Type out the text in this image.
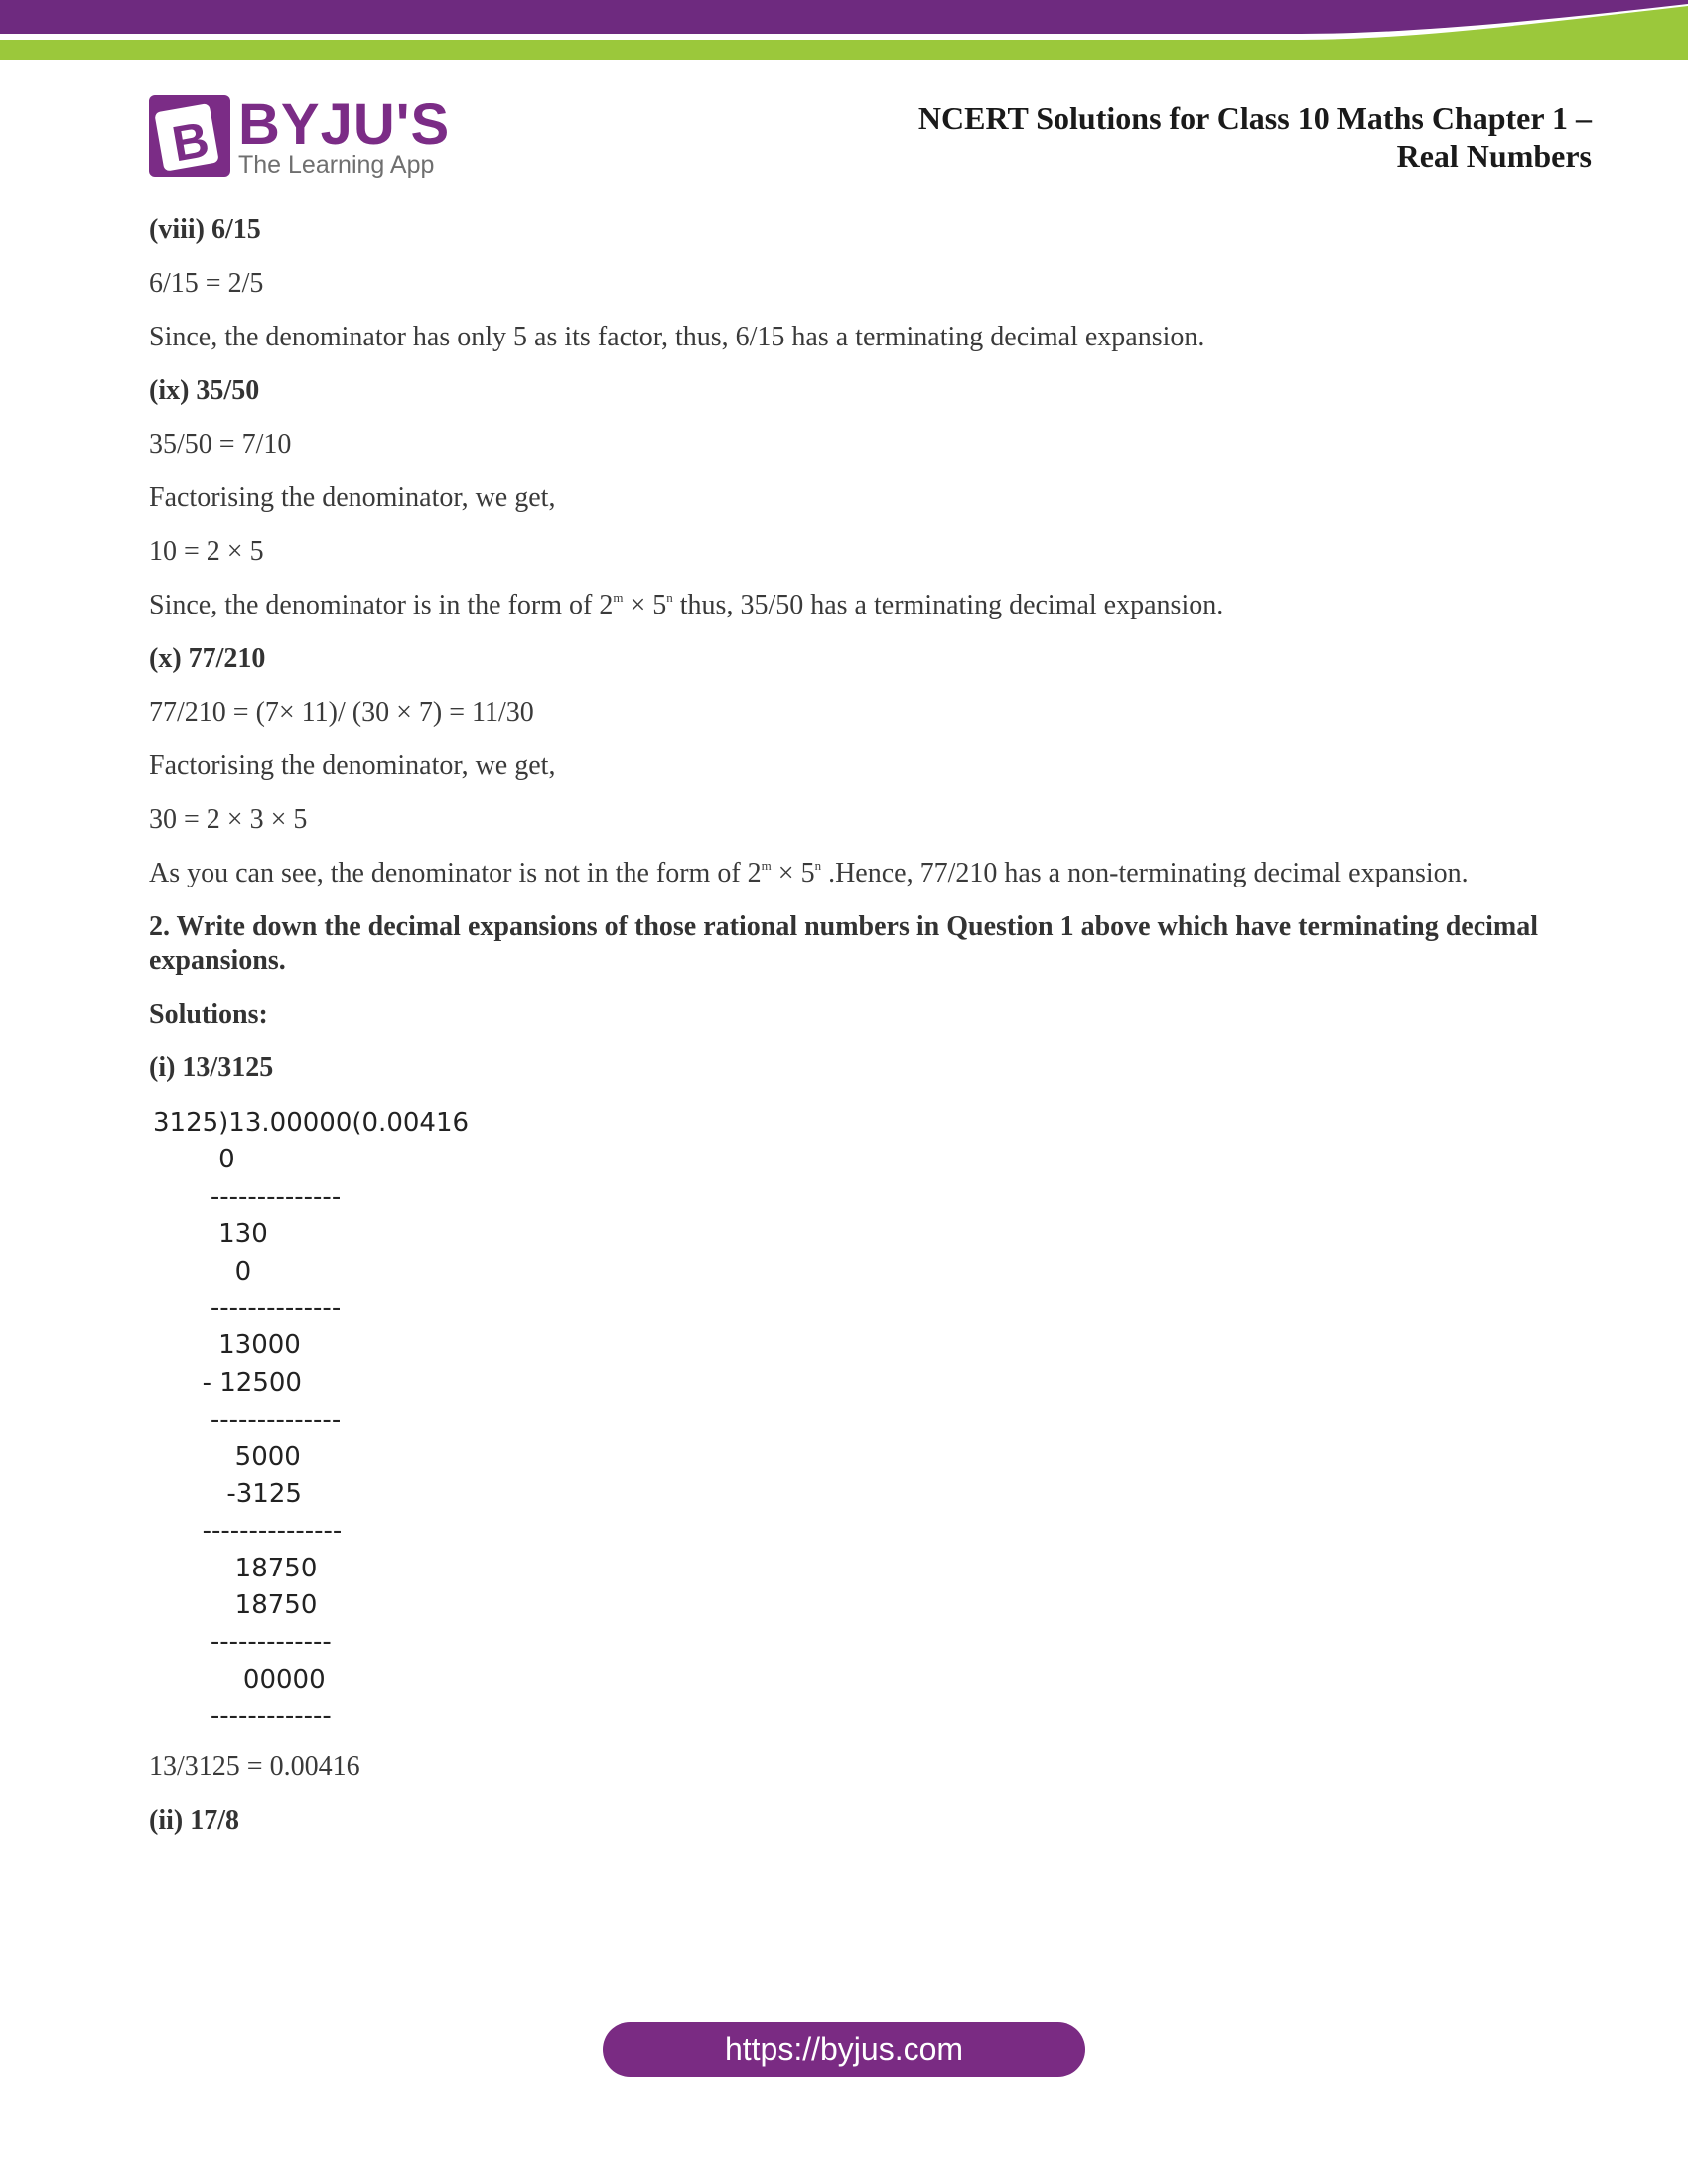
B BYJU'S
The Learning App
NCERT Solutions for Class 10 Maths Chapter 1 –
Real Numbers
(viii) 6/15
6/15 = 2/5
Since, the denominator has only 5 as its factor, thus, 6/15 has a terminating decimal expansion.
(ix) 35/50
35/50 = 7/10
Factorising the denominator, we get,
10 = 2 × 5
Since, the denominator is in the form of $2^m \times 5^n$ thus, 35/50 has a terminating decimal expansion.
(x) 77/210
77/210 = (7× 11)/ (30 × 7) = 11/30
Factorising the denominator, we get,
30 = 2 × 3 × 5
As you can see, the denominator is not in the form of $2^m \times 5^n$ .Hence, 77/210 has a non-terminating decimal expansion.
2. Write down the decimal expansions of those rational numbers in Question 1 above which have terminating decimal expansions.
Solutions:
(i) 13/3125
3125)13.00000(0.00416
0
--------------
130
0
--------------
13000
- 12500
--------------
5000
-3125
---------------
18750
18750
-------------
00000
-------------
13/3125 = 0.00416
(ii) 17/8
https://byjus.com
